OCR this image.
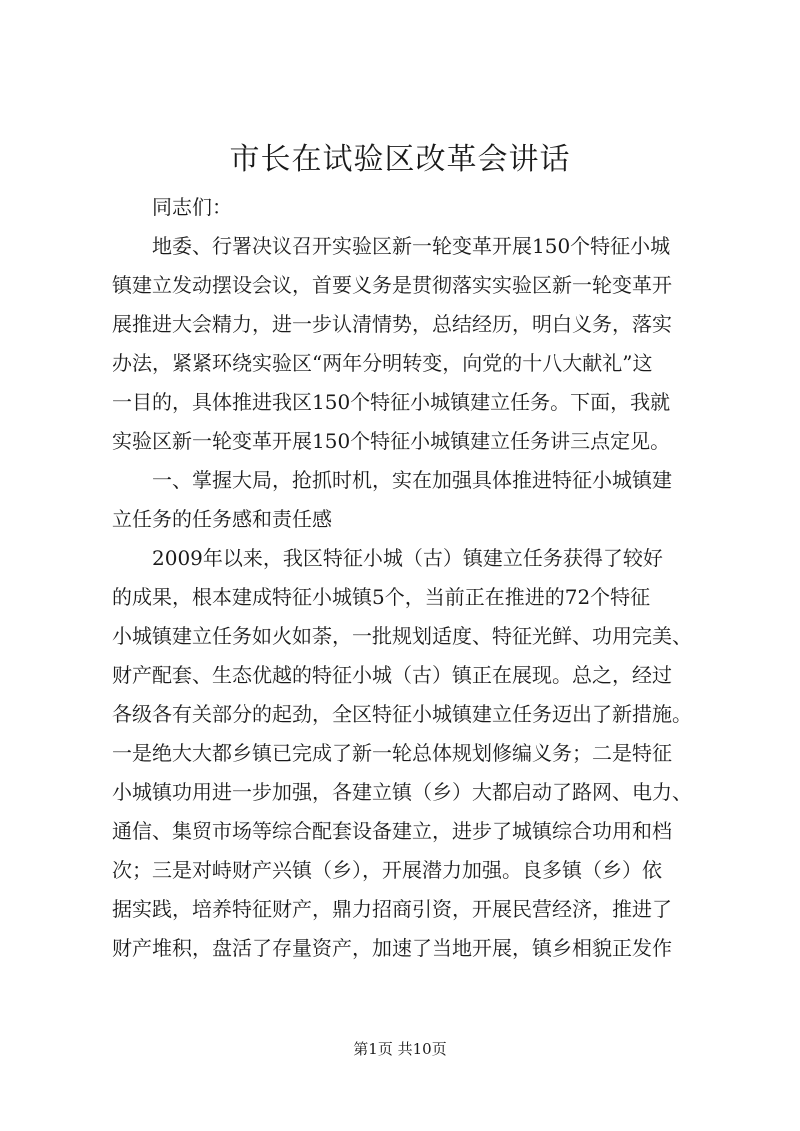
市长在试验区改革会讲话
同志们：
地委、行署决议召开实验区新一轮变革开展150个特征小城
镇建立发动摆设会议，首要义务是贯彻落实实验区新一轮变革开
展推进大会精力，进一步认清情势，总结经历，明白义务，落实
办法，紧紧环绕实验区“两年分明转变，向党的十八大献礼”这
一目的，具体推进我区150个特征小城镇建立任务。下面，我就
实验区新一轮变革开展150个特征小城镇建立任务讲三点定见。
一、掌握大局，抢抓时机，实在加强具体推进特征小城镇建
立任务的任务感和责任感
2009年以来，我区特征小城（古）镇建立任务获得了较好
的成果，根本建成特征小城镇5个，当前正在推进的72个特征
小城镇建立任务如火如荼，一批规划适度、特征光鲜、功用完美、
财产配套、生态优越的特征小城（古）镇正在展现。总之，经过
各级各有关部分的起劲，全区特征小城镇建立任务迈出了新措施。
一是绝大大都乡镇已完成了新一轮总体规划修编义务；二是特征
小城镇功用进一步加强，各建立镇（乡）大都启动了路网、电力、
通信、集贸市场等综合配套设备建立，进步了城镇综合功用和档
次；三是对峙财产兴镇（乡），开展潜力加强。良多镇（乡）依
据实践，培养特征财产，鼎力招商引资，开展民营经济，推进了
财产堆积，盘活了存量资产，加速了当地开展，镇乡相貌正发作
第1页 共10页
